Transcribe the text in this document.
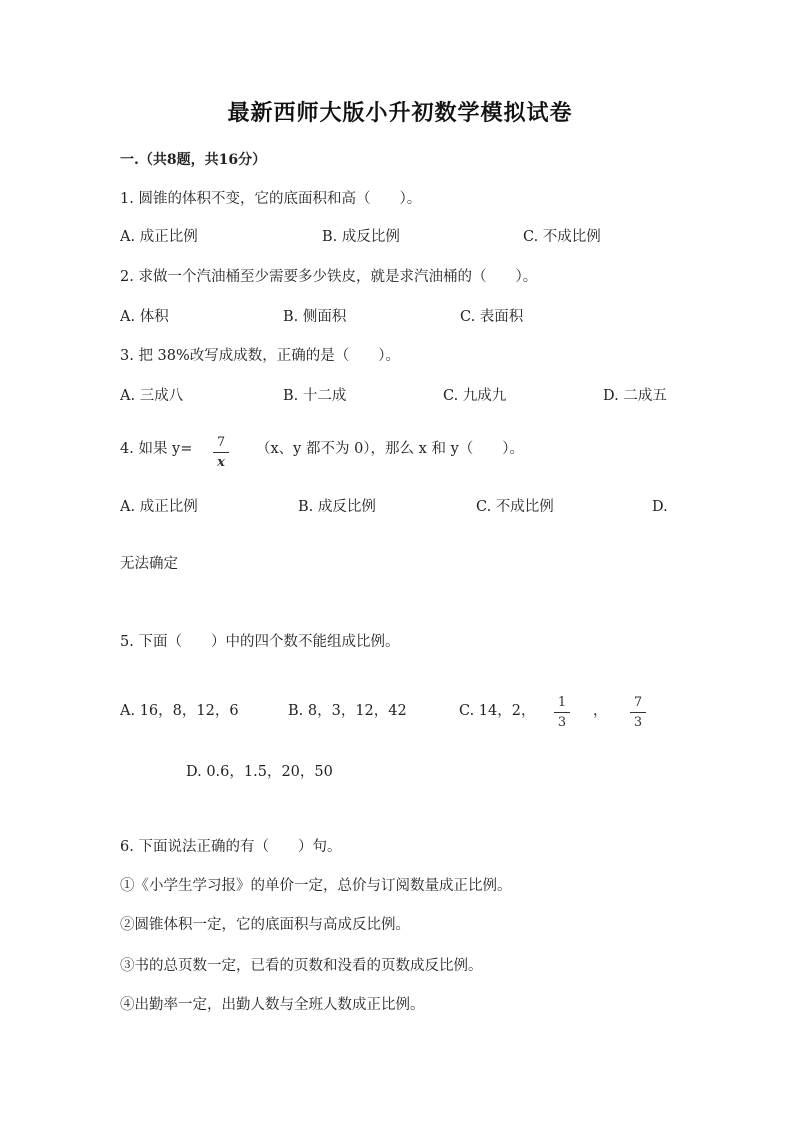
最新西师大版小升初数学模拟试卷
一.（共8题，共16分）
1. 圆锥的体积不变，它的底面积和高（　　）。
A. 成正比例	B. 成反比例	C. 不成比例
2. 求做一个汽油桶至少需要多少铁皮，就是求汽油桶的（　　）。
A. 体积	B. 侧面积	C. 表面积
3. 把 38%改写成成数，正确的是（　　）。
A. 三成八	B. 十二成	C. 九成九	D. 二成五
4. 如果 y=	7
x
（x、y 都不为 0），那么 x 和 y（　　）。
A. 成正比例	B. 成反比例	C. 不成比例	D.
无法确定
5. 下面（　　）中的四个数不能组成比例。
A. 16，8，12，6	B. 8，3，12，42	C. 14，2，
1
3
，
7
3
D. 0.6，1.5，20，50
6. 下面说法正确的有（　　）句。
①《小学生学习报》的单价一定，总价与订阅数量成正比例。
②圆锥体积一定，它的底面积与高成反比例。
③书的总页数一定，已看的页数和没看的页数成反比例。
④出勤率一定，出勤人数与全班人数成正比例。
